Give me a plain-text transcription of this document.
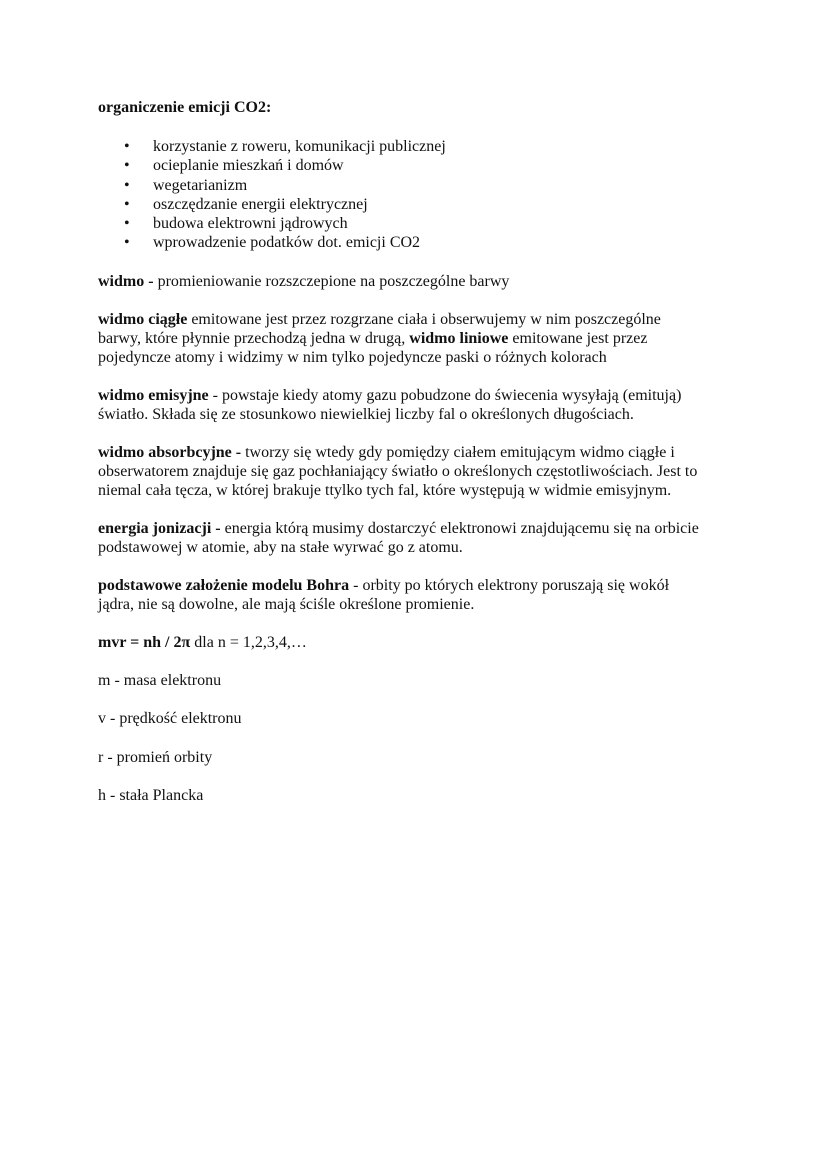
organiczenie emicji CO2:
• korzystanie z roweru, komunikacji publicznej
• ocieplanie mieszkań i domów
• wegetarianizm
• oszczędzanie energii elektrycznej
• budowa elektrowni jądrowych
• wprowadzenie podatków dot. emicji CO2
widmo - promieniowanie rozszczepione na poszczególne barwy
widmo ciągłe emitowane jest przez rozgrzane ciała i obserwujemy w nim poszczególne
barwy, które płynnie przechodzą jedna w drugą, widmo liniowe emitowane jest przez
pojedyncze atomy i widzimy w nim tylko pojedyncze paski o różnych kolorach
widmo emisyjne - powstaje kiedy atomy gazu pobudzone do świecenia wysyłają (emitują)
światło. Składa się ze stosunkowo niewielkiej liczby fal o określonych długościach.
widmo absorbcyjne - tworzy się wtedy gdy pomiędzy ciałem emitującym widmo ciągłe i
obserwatorem znajduje się gaz pochłaniający światło o określonych częstotliwościach. Jest to
niemal cała tęcza, w której brakuje ttylko tych fal, które występują w widmie emisyjnym.
energia jonizacji - energia którą musimy dostarczyć elektronowi znajdującemu się na orbicie
podstawowej w atomie, aby na stałe wyrwać go z atomu.
podstawowe założenie modelu Bohra - orbity po których elektrony poruszają się wokół
jądra, nie są dowolne, ale mają ściśle określone promienie.
mvr = nh / 2π dla n = 1,2,3,4,…
m - masa elektronu
v - prędkość elektronu
r - promień orbity
h - stała Plancka
